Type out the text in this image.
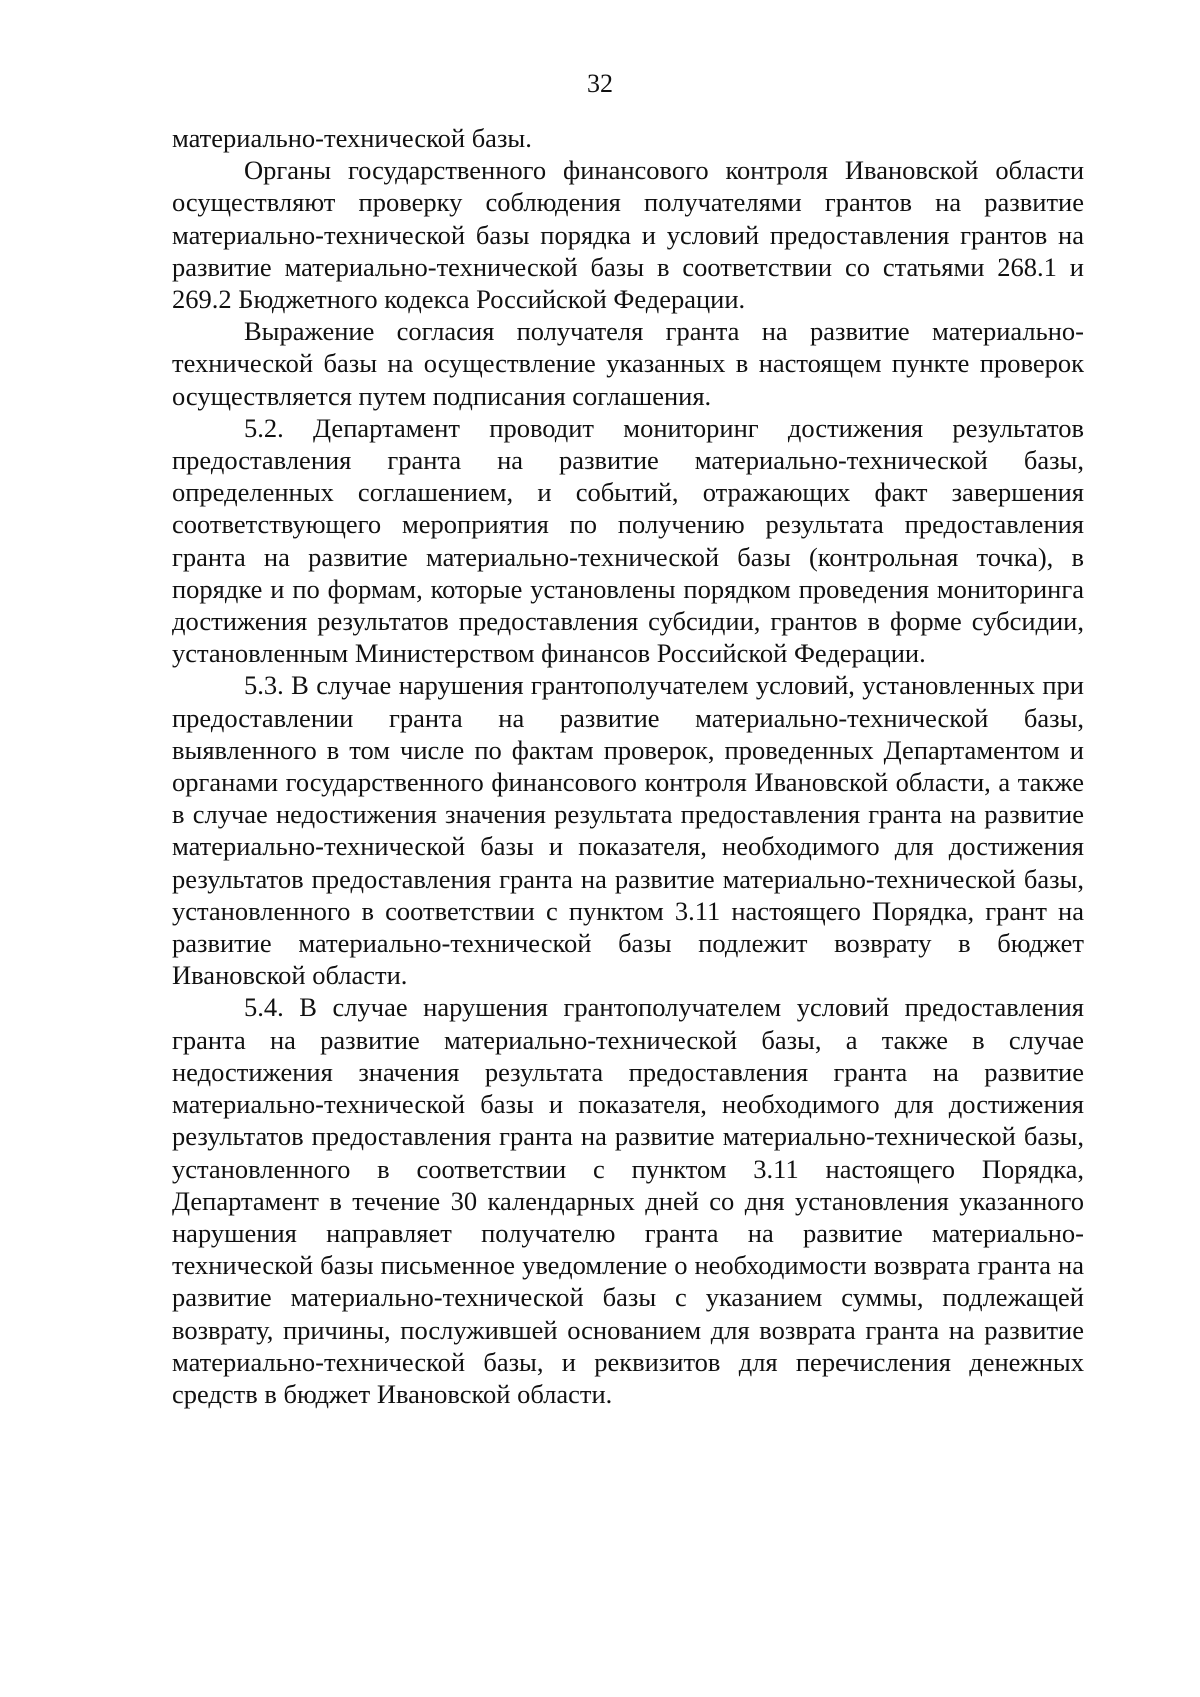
32

материально-технической базы.

Органы государственного финансового контроля Ивановской области осуществляют проверку соблюдения получателями грантов на развитие материально-технической базы порядка и условий предоставления грантов на развитие материально-технической базы в соответствии со статьями 268.1 и 269.2 Бюджетного кодекса Российской Федерации.

Выражение согласия получателя гранта на развитие материально-технической базы на осуществление указанных в настоящем пункте проверок осуществляется путем подписания соглашения.

5.2. Департамент проводит мониторинг достижения результатов предоставления гранта на развитие материально-технической базы, определенных соглашением, и событий, отражающих факт завершения соответствующего мероприятия по получению результата предоставления гранта на развитие материально-технической базы (контрольная точка), в порядке и по формам, которые установлены порядком проведения мониторинга достижения результатов предоставления субсидии, грантов в форме субсидии, установленным Министерством финансов Российской Федерации.

5.3. В случае нарушения грантополучателем условий, установленных при предоставлении гранта на развитие материально-технической базы, выявленного в том числе по фактам проверок, проведенных Департаментом и органами государственного финансового контроля Ивановской области, а также в случае недостижения значения результата предоставления гранта на развитие материально-технической базы и показателя, необходимого для достижения результатов предоставления гранта на развитие материально-технической базы, установленного в соответствии с пунктом 3.11 настоящего Порядка, грант на развитие материально-технической базы подлежит возврату в бюджет Ивановской области.

5.4. В случае нарушения грантополучателем условий предоставления гранта на развитие материально-технической базы, а также в случае недостижения значения результата предоставления гранта на развитие материально-технической базы и показателя, необходимого для достижения результатов предоставления гранта на развитие материально-технической базы, установленного в соответствии с пунктом 3.11 настоящего Порядка, Департамент в течение 30 календарных дней со дня установления указанного нарушения направляет получателю гранта на развитие материально-технической базы письменное уведомление о необходимости возврата гранта на развитие материально-технической базы с указанием суммы, подлежащей возврату, причины, послужившей основанием для возврата гранта на развитие материально-технической базы, и реквизитов для перечисления денежных средств в бюджет Ивановской области.
